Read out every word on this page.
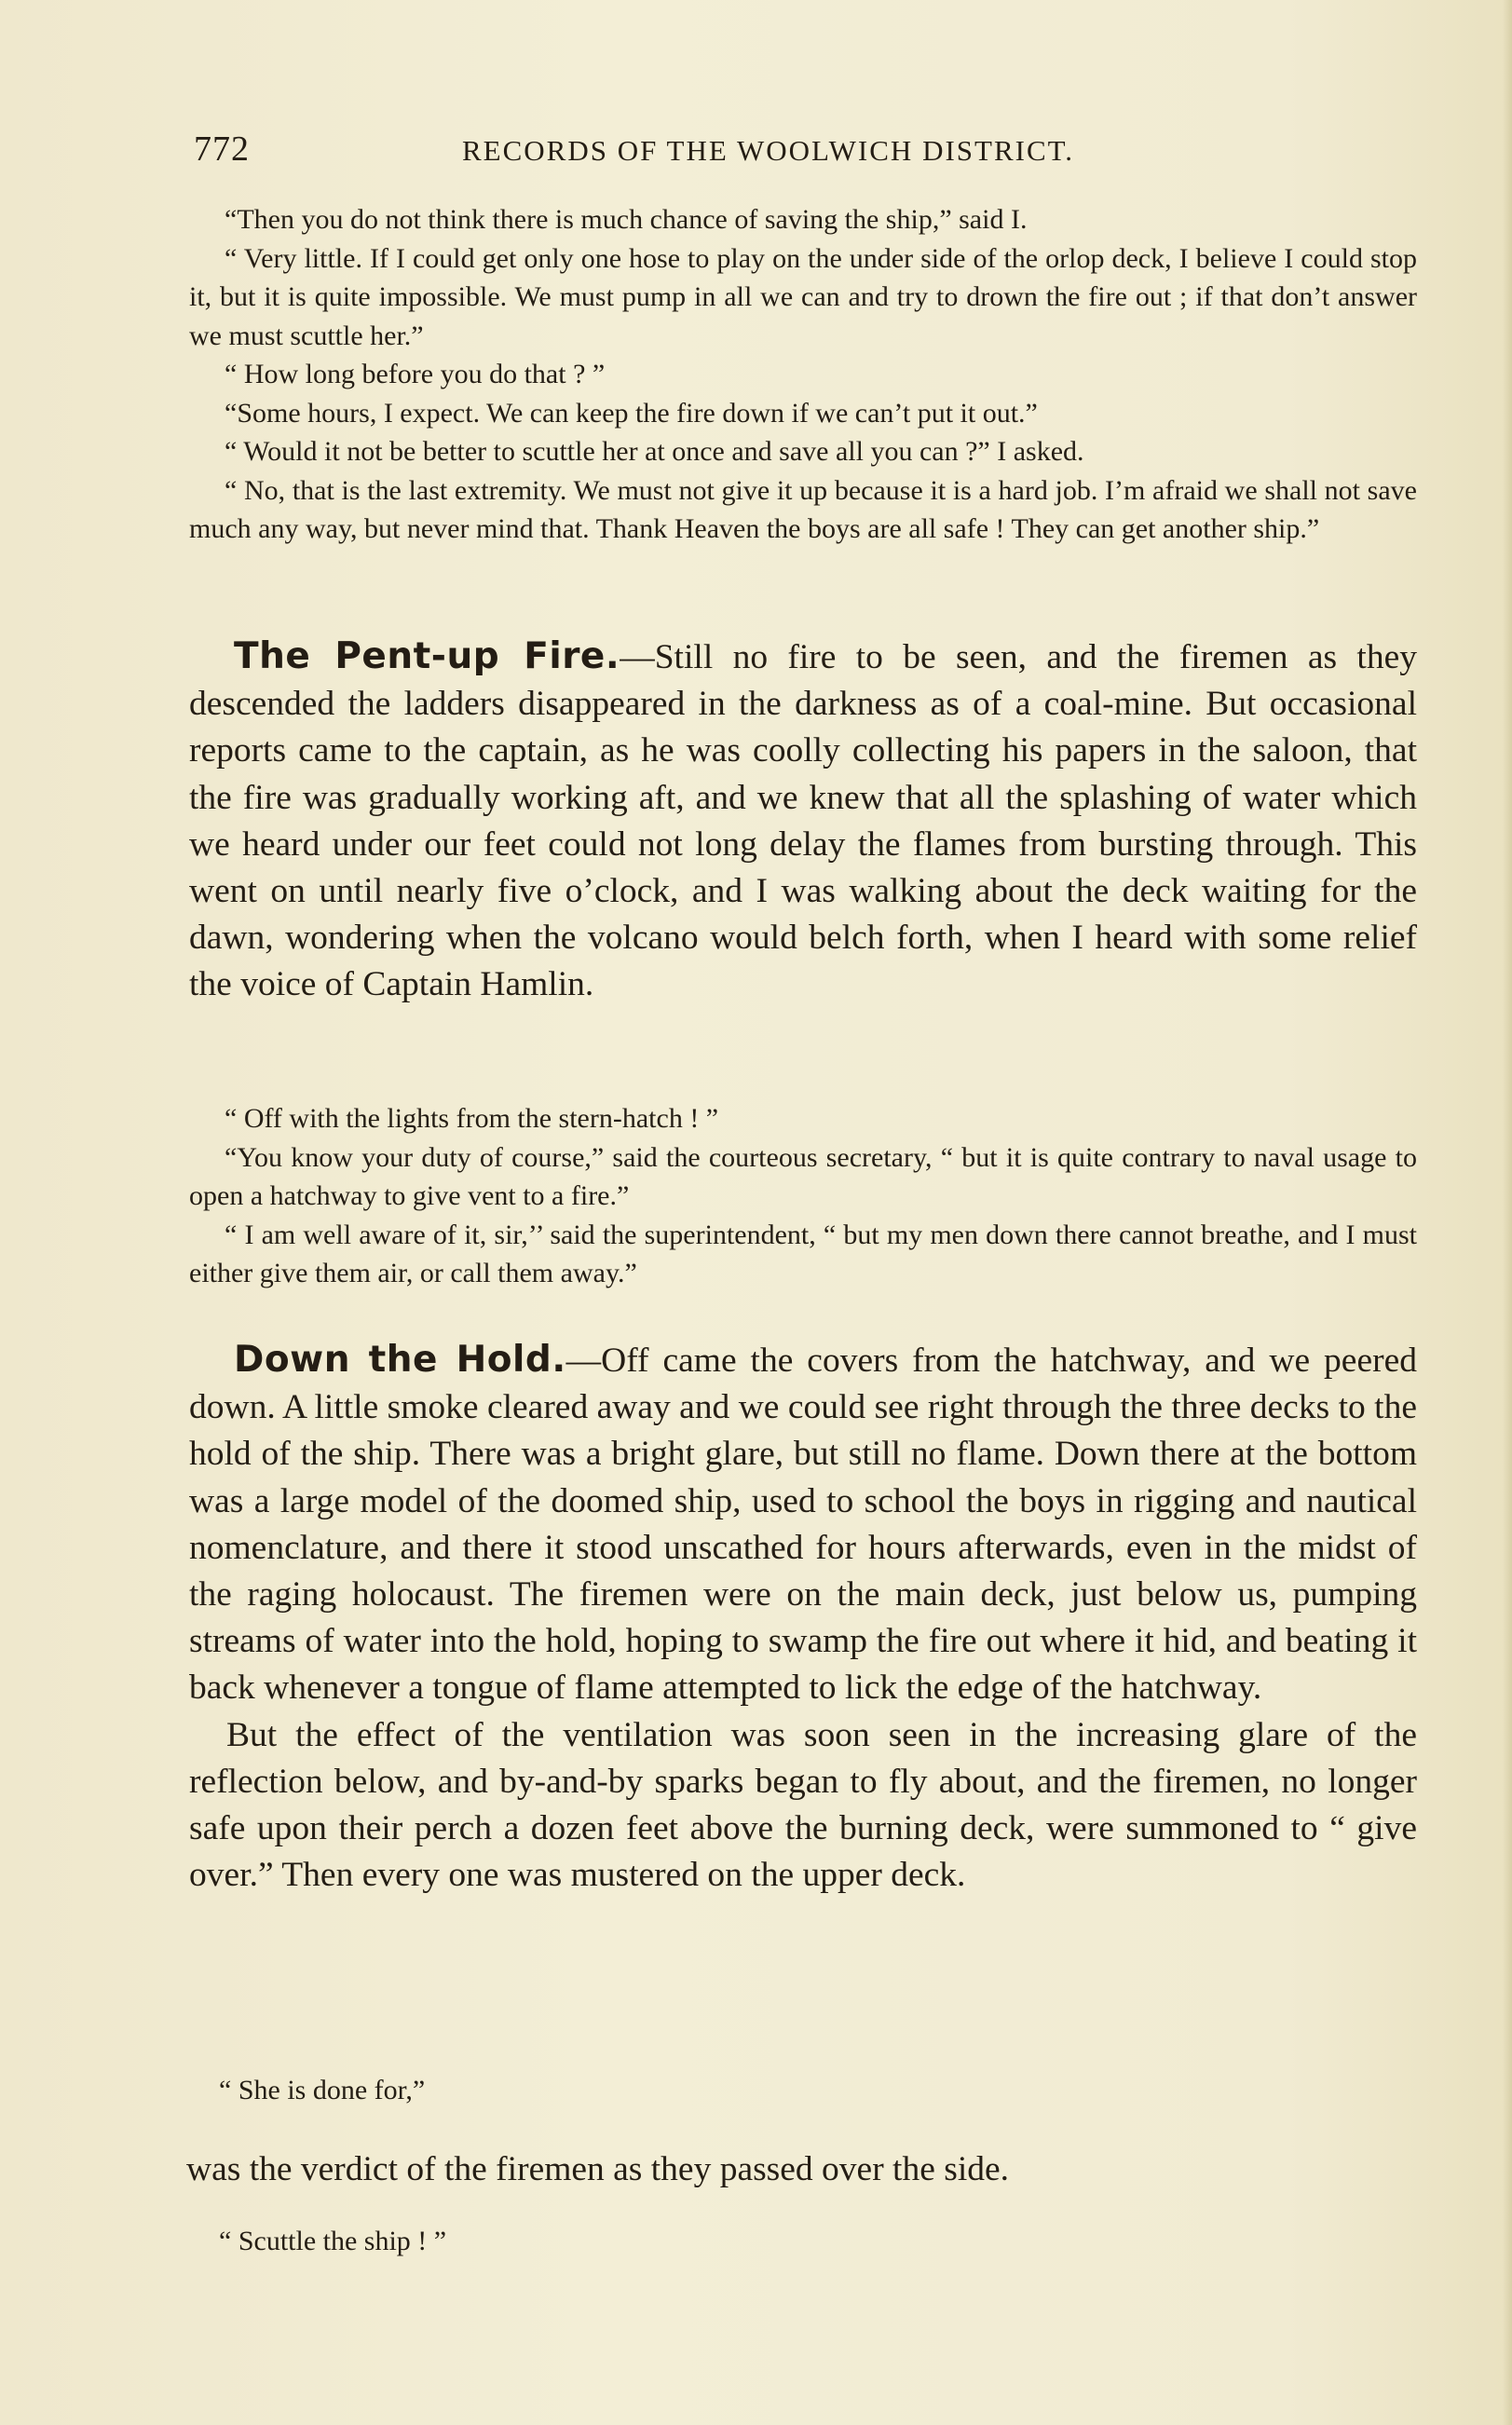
772	RECORDS OF THE WOOLWICH DISTRICT.

“Then you do not think there is much chance of saving the ship,” said I.

“ Very little. If I could get only one hose to play on the under side of the orlop deck, I believe I could stop it, but it is quite impossible. We must pump in all we can and try to drown the fire out ; if that don’t answer we must scuttle her.”

“ How long before you do that ? ”

“Some hours, I expect. We can keep the fire down if we can’t put it out.”

“ Would it not be better to scuttle her at once and save all you can ?” I asked.

“ No, that is the last extremity. We must not give it up because it is a hard job. I’m afraid we shall not save much any way, but never mind that. Thank Heaven the boys are all safe ! They can get another ship.”

The Pent-up Fire.—Still no fire to be seen, and the firemen as they descended the ladders disappeared in the darkness as of a coal-mine. But occasional reports came to the captain, as he was coolly collecting his papers in the saloon, that the fire was gradually working aft, and we knew that all the splashing of water which we heard under our feet could not long delay the flames from bursting through. This went on until nearly five o’clock, and I was walking about the deck waiting for the dawn, wondering when the volcano would belch forth, when I heard with some relief the voice of Captain Hamlin.

“ Off with the lights from the stern-hatch ! ”

“You know your duty of course,” said the courteous secretary, “ but it is quite contrary to naval usage to open a hatchway to give vent to a fire.”

“ I am well aware of it, sir,’’ said the superintendent, “ but my men down there cannot breathe, and I must either give them air, or call them away.”

Down the Hold.—Off came the covers from the hatchway, and we peered down. A little smoke cleared away and we could see right through the three decks to the hold of the ship. There was a bright glare, but still no flame. Down there at the bottom was a large model of the doomed ship, used to school the boys in rigging and nautical nomenclature, and there it stood unscathed for hours afterwards, even in the midst of the raging holocaust. The firemen were on the main deck, just below us, pumping streams of water into the hold, hoping to swamp the fire out where it hid, and beating it back whenever a tongue of flame attempted to lick the edge of the hatchway.

But the effect of the ventilation was soon seen in the increasing glare of the reflection below, and by-and-by sparks began to fly about, and the firemen, no longer safe upon their perch a dozen feet above the burning deck, were summoned to “ give over.” Then every one was mustered on the upper deck.

“ She is done for,”

was the verdict of the firemen as they passed over the side.

“ Scuttle the ship ! ”
